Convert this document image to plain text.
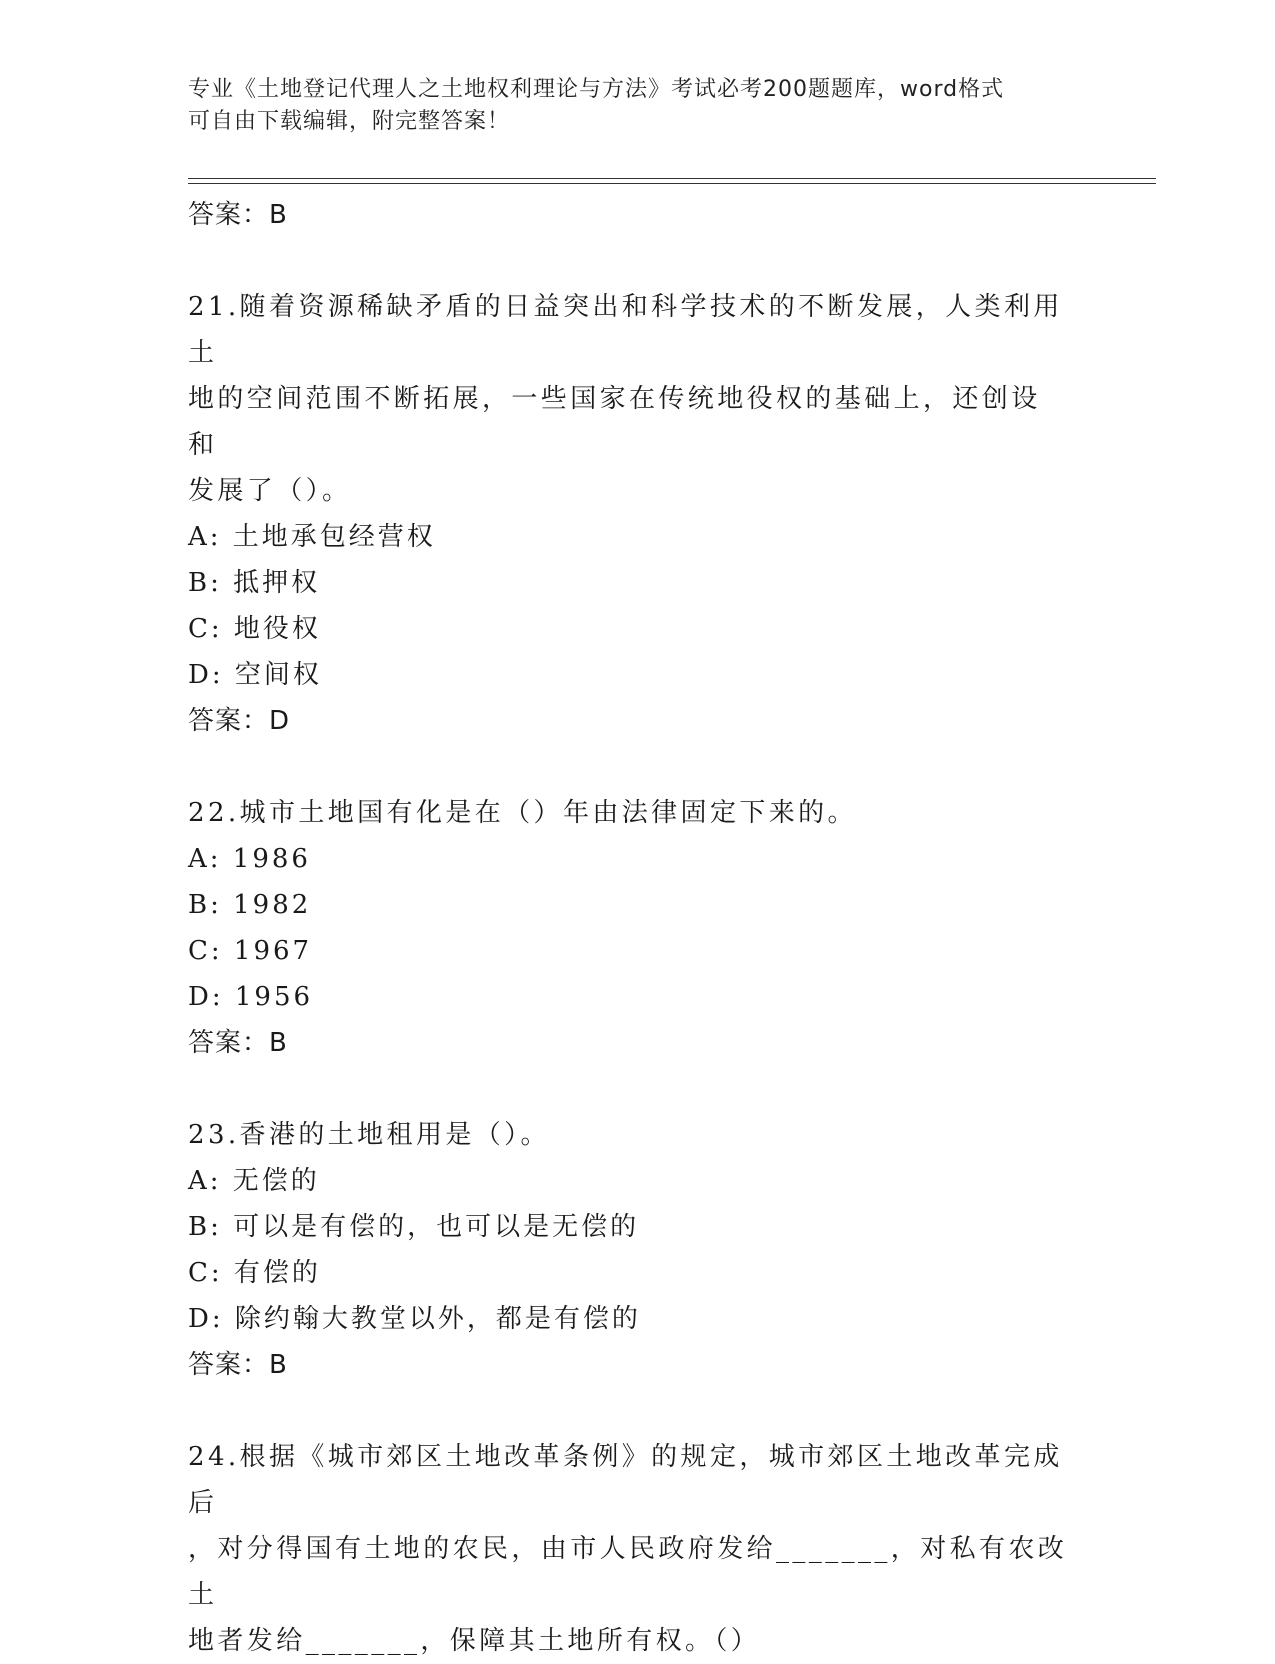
专业《土地登记代理人之土地权利理论与方法》考试必考200题题库，word格式
可自由下载编辑，附完整答案！
答案：B
21.随着资源稀缺矛盾的日益突出和科学技术的不断发展，人类利用土
地的空间范围不断拓展，一些国家在传统地役权的基础上，还创设和
发展了（）。
A: 土地承包经营权
B: 抵押权
C: 地役权
D: 空间权
答案：D
22.城市土地国有化是在（）年由法律固定下来的。
A: 1986
B: 1982
C: 1967
D: 1956
答案：B
23.香港的土地租用是（）。
A: 无偿的
B: 可以是有偿的，也可以是无偿的
C: 有偿的
D: 除约翰大教堂以外，都是有偿的
答案：B
24.根据《城市郊区土地改革条例》的规定，城市郊区土地改革完成后
，对分得国有土地的农民，由市人民政府发给_______，对私有农改土
地者发给_______，保障其土地所有权。（）
